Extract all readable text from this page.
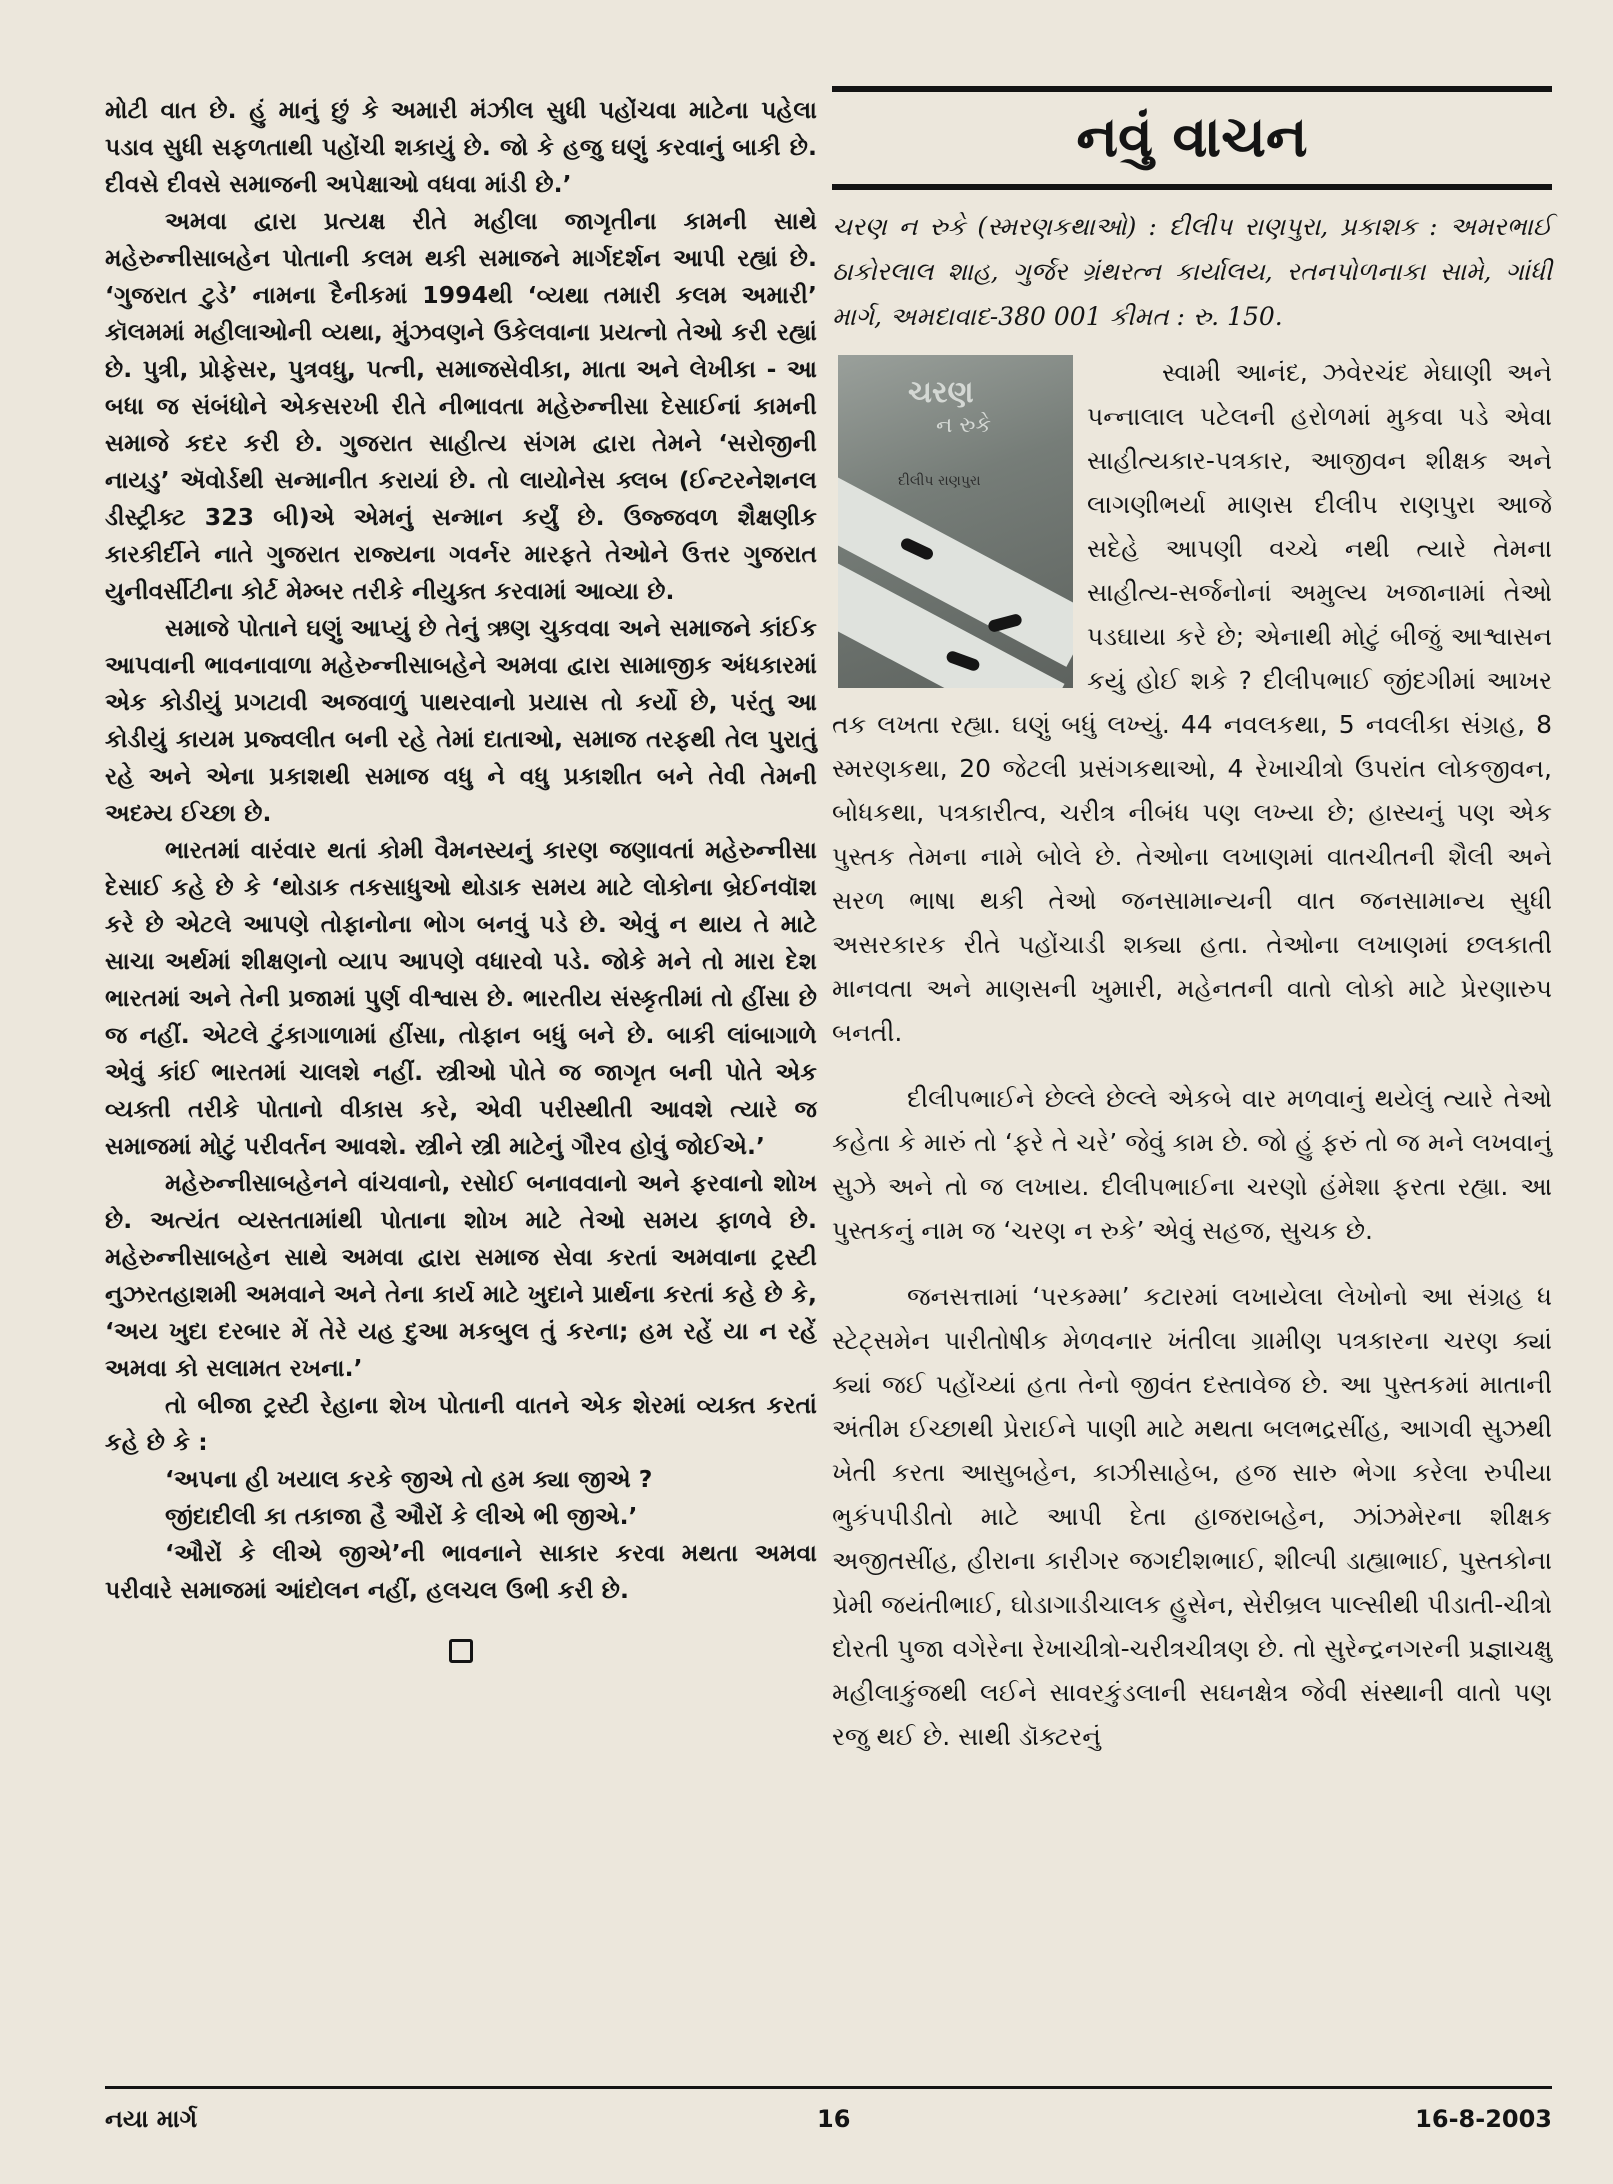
મોટી વાત છે. હું માનું છું કે અમારી મંઝીલ સુધી પહોંચવા માટેના પહેલા પડાવ સુધી સફળતાથી પહોંચી શકાયું છે. જો કે હજુ ઘણું કરવાનું બાકી છે. દીવસે દીવસે સમાજની અપેક્ષાઓ વધવા માંડી છે.’

અમવા દ્વારા પ્રત્યક્ષ રીતે મહીલા જાગૃતીના કામની સાથે મહેરુન્નીસાબહેન પોતાની કલમ થકી સમાજને માર્ગદર્શન આપી રહ્યાં છે. ‘ગુજરાત ટુડે’ નામના દૈનીકમાં 1994થી ‘વ્યથા તમારી કલમ અમારી’ કૉલમમાં મહીલાઓની વ્યથા, મુંઝવણને ઉકેલવાના પ્રયત્નો તેઓ કરી રહ્યાં છે. પુત્રી, પ્રોફેસર, પુત્રવધુ, પત્ની, સમાજસેવીકા, માતા અને લેખીકા - આ બધા જ સંબંધોને એકસરખી રીતે નીભાવતા મહેરુન્નીસા દેસાઈનાં કામની સમાજે કદર કરી છે. ગુજરાત સાહીત્ય સંગમ દ્વારા તેમને ‘સરોજીની નાયડુ’ ઍવોર્ડથી સન્માનીત કરાયાં છે. તો લાયોનેસ ક્લબ (ઈન્ટરનેશનલ ડીસ્ટ્રીક્ટ 323 બી)એ એમનું સન્માન કર્યું છે. ઉજ્જવળ શૈક્ષણીક કારકીર્દીને નાતે ગુજરાત રાજ્યના ગવર્નર મારફતે તેઓને ઉત્તર ગુજરાત યુનીવર્સીટીના કોર્ટ મેમ્બર તરીકે નીયુક્ત કરવામાં આવ્યા છે.

સમાજે પોતાને ઘણું આપ્યું છે તેનું ઋણ ચુકવવા અને સમાજને કાંઈક આપવાની ભાવનાવાળા મહેરુન્નીસાબહેને અમવા દ્વારા સામાજીક અંધકારમાં એક કોડીયું પ્રગટાવી અજવાળું પાથરવાનો પ્રયાસ તો કર્યો છે, પરંતુ આ કોડીયું કાયમ પ્રજ્વલીત બની રહે તેમાં દાતાઓ, સમાજ તરફથી તેલ પુરાતું રહે અને એના પ્રકાશથી સમાજ વધુ ને વધુ પ્રકાશીત બને તેવી તેમની અદમ્ય ઈચ્છા છે.

ભારતમાં વારંવાર થતાં કોમી વૈમનસ્યનું કારણ જણાવતાં મહેરુન્નીસા દેસાઈ કહે છે કે ‘થોડાક તકસાધુઓ થોડાક સમય માટે લોકોના બ્રેઈનવૉશ કરે છે એટલે આપણે તોફાનોના ભોગ બનવું પડે છે. એવું ન થાય તે માટે સાચા અર્થમાં શીક્ષણનો વ્યાપ આપણે વધારવો પડે. જોકે મને તો મારા દેશ ભારતમાં અને તેની પ્રજામાં પુર્ણ વીશ્વાસ છે. ભારતીય સંસ્કૃતીમાં તો હીંસા છે જ નહીં. એટલે ટુંકાગાળામાં હીંસા, તોફાન બધું બને છે. બાકી લાંબાગાળે એવું કાંઈ ભારતમાં ચાલશે નહીં. સ્ત્રીઓ પોતે જ જાગૃત બની પોતે એક વ્યક્તી તરીકે પોતાનો વીકાસ કરે, એવી પરીસ્થીતી આવશે ત્યારે જ સમાજમાં મોટું પરીવર્તન આવશે. સ્ત્રીને સ્ત્રી માટેનું ગૌરવ હોવું જોઈએ.’

મહેરુન્નીસાબહેનને વાંચવાનો, રસોઈ બનાવવાનો અને ફરવાનો શોખ છે. અત્યંત વ્યસ્તતામાંથી પોતાના શોખ માટે તેઓ સમય ફાળવે છે. મહેરુન્નીસાબહેન સાથે અમવા દ્વારા સમાજ સેવા કરતાં અમવાના ટ્રસ્ટી નુઝરતહાશમી અમવાને અને તેના કાર્ય માટે ખુદાને પ્રાર્થના કરતાં કહે છે કે, ‘અય ખુદા દરબાર મેં તેરે યહ દુઆ મકબુલ તું કરના; હમ રહેં યા ન રહેં અમવા કો સલામત રખના.’

તો બીજા ટ્રસ્ટી રેહાના શેખ પોતાની વાતને એક શેરમાં વ્યક્ત કરતાં કહે છે કે :

‘અપના હી ખયાલ કરકે જીએ તો હમ ક્યા જીએ ?

જીંદાદીલી કા તકાજા હૈ ઔરોં કે લીએ ભી જીએ.’

‘ઔરોં કે લીએ જીએ’ની ભાવનાને સાકાર કરવા મથતા અમવા પરીવારે સમાજમાં આંદોલન નહીં, હલચલ ઉભી કરી છે.

નવું વાચન

ચરણ ન રુકે (સ્મરણકથાઓ) : દીલીપ રાણપુરા, પ્રકાશક : અમરભાઈ ઠાકોરલાલ શાહ, ગુર્જર ગ્રંથરત્ન કાર્યાલય, રતનપોળનાકા સામે, ગાંધી માર્ગ, અમદાવાદ-380 001 કીમત : રુ. 150.

ચરણ
ન રુકે
દીલીપ રાણપુરા

સ્વામી આનંદ, ઝવેરચંદ મેઘાણી અને પન્નાલાલ પટેલની હરોળમાં મુકવા પડે એવા સાહીત્યકાર-પત્રકાર, આજીવન શીક્ષક અને લાગણીભર્યા માણસ દીલીપ રાણપુરા આજે સદેહે આપણી વચ્ચે નથી ત્યારે તેમના સાહીત્ય-સર્જનોનાં અમુલ્ય ખજાનામાં તેઓ પડઘાયા કરે છે; એનાથી મોટું બીજું આશ્વાસન કયું હોઈ શકે ? દીલીપભાઈ જીંદગીમાં આખર તક લખતા રહ્યા. ઘણું બધું લખ્યું. 44 નવલકથા, 5 નવલીકા સંગ્રહ, 8 સ્મરણકથા, 20 જેટલી પ્રસંગકથાઓ, 4 રેખાચીત્રો ઉપરાંત લોકજીવન, બોધકથા, પત્રકારીત્વ, ચરીત્ર નીબંધ પણ લખ્યા છે; હાસ્યનું પણ એક પુસ્તક તેમના નામે બોલે છે. તેઓના લખાણમાં વાતચીતની શૈલી અને સરળ ભાષા થકી તેઓ જનસામાન્યની વાત જનસામાન્ય સુધી અસરકારક રીતે પહોંચાડી શક્યા હતા. તેઓના લખાણમાં છલકાતી માનવતા અને માણસની ખુમારી, મહેનતની વાતો લોકો માટે પ્રેરણારુપ બનતી.

દીલીપભાઈને છેલ્લે છેલ્લે એકબે વાર મળવાનું થયેલું ત્યારે તેઓ કહેતા કે મારું તો ‘ફરે તે ચરે’ જેવું કામ છે. જો હું ફરું તો જ મને લખવાનું સુઝે અને તો જ લખાય. દીલીપભાઈના ચરણો હંમેશા ફરતા રહ્યા. આ પુસ્તકનું નામ જ ‘ચરણ ન રુકે’ એવું સહજ, સુચક છે.

જનસત્તામાં ‘પરકમ્મા’ કટારમાં લખાયેલા લેખોનો આ સંગ્રહ ધ સ્ટેટ્સમેન પારીતોષીક મેળવનાર ખંતીલા ગ્રામીણ પત્રકારના ચરણ ક્યાં ક્યાં જઈ પહોંચ્યાં હતા તેનો જીવંત દસ્તાવેજ છે. આ પુસ્તકમાં માતાની અંતીમ ઈચ્છાથી પ્રેરાઈને પાણી માટે મથતા બલભદ્રસીંહ, આગવી સુઝથી ખેતી કરતા આસુબહેન, કાઝીસાહેબ, હજ સારુ ભેગા કરેલા રુપીયા ભુકંપપીડીતો માટે આપી દેતા હાજરાબહેન, ઝાંઝમેરના શીક્ષક અજીતસીંહ, હીરાના કારીગર જગદીશભાઈ, શીલ્પી ડાહ્યાભાઈ, પુસ્તકોના પ્રેમી જયંતીભાઈ, ઘોડાગાડીચાલક હુસેન, સેરીબ્રલ પાલ્સીથી પીડાતી-ચીત્રો દોરતી પુજા વગેરેના રેખાચીત્રો-ચરીત્રચીત્રણ છે. તો સુરેન્દ્રનગરની પ્રજ્ઞાચક્ષુ મહીલાકુંજથી લઈને સાવરકુંડલાની સઘનક્ષેત્ર જેવી સંસ્થાની વાતો પણ રજુ થઈ છે. સાથી ડૉક્ટરનું

નયા માર્ગ	16	16-8-2003
